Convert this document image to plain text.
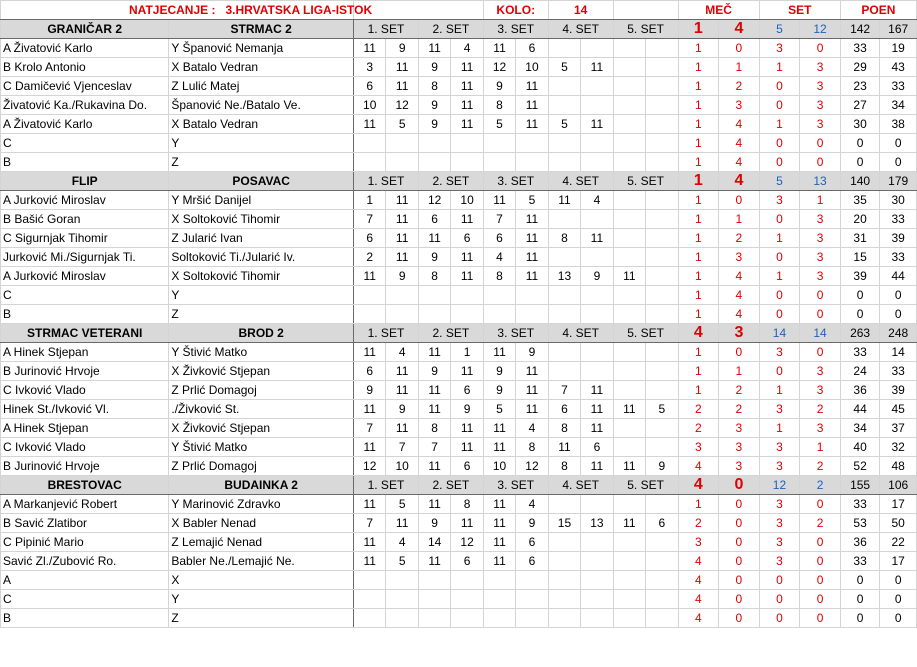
NATJECANJE : 3.HRVATSKA LIGA-ISTOK						KOLO:		14				MEČ		SET		POEN	
GRANIČAR 2	STRMAC 2	1. SET		2. SET		3. SET		4. SET		5. SET		1	4	5	12	142	167
A Živatović Karlo	Y Španović Nemanja	11	9	11	4	11	6					1	0	3	0	33	19
B Krolo Antonio	X Batalo Vedran	3	11	9	11	12	10	5	11			1	1	1	3	29	43
C Damičević Vjenceslav	Z Lulić Matej	6	11	8	11	9	11					1	2	0	3	23	33
Živatović Ka./Rukavina Do.	Španović Ne./Batalo Ve.	10	12	9	11	8	11					1	3	0	3	27	34
A Živatović Karlo	X Batalo Vedran	11	5	9	11	5	11	5	11			1	4	1	3	30	38
C	Y											1	4	0	0	0	0
B	Z											1	4	0	0	0	0
FLIP	POSAVAC	1. SET		2. SET		3. SET		4. SET		5. SET		1	4	5	13	140	179
A Jurković Miroslav	Y Mršić Danijel	1	11	12	10	11	5	11	4			1	0	3	1	35	30
B Bašić Goran	X Soltoković Tihomir	7	11	6	11	7	11					1	1	0	3	20	33
C Sigurnjak Tihomir	Z Jularić Ivan	6	11	11	6	6	11	8	11			1	2	1	3	31	39
Jurković Mi./Sigurnjak Ti.	Soltoković Ti./Jularić Iv.	2	11	9	11	4	11					1	3	0	3	15	33
A Jurković Miroslav	X Soltoković Tihomir	11	9	8	11	8	11	13	9	11		1	4	1	3	39	44
C	Y											1	4	0	0	0	0
B	Z											1	4	0	0	0	0
STRMAC VETERANI	BROD 2	1. SET		2. SET		3. SET		4. SET		5. SET		4	3	14	14	263	248
A Hinek Stjepan	Y Štivić Matko	11	4	11	1	11	9					1	0	3	0	33	14
B Jurinović Hrvoje	X Živković Stjepan	6	11	9	11	9	11					1	1	0	3	24	33
C Ivković Vlado	Z Prlić Domagoj	9	11	11	6	9	11	7	11			1	2	1	3	36	39
Hinek St./Ivković Vl.	./Živković St.	11	9	11	9	5	11	6	11	11	5	2	2	3	2	44	45
A Hinek Stjepan	X Živković Stjepan	7	11	8	11	11	4	8	11			2	3	1	3	34	37
C Ivković Vlado	Y Štivić Matko	11	7	7	11	11	8	11	6			3	3	3	1	40	32
B Jurinović Hrvoje	Z Prlić Domagoj	12	10	11	6	10	12	8	11	11	9	4	3	3	2	52	48
BRESTOVAC	BUDAINKA 2	1. SET		2. SET		3. SET		4. SET		5. SET		4	0	12	2	155	106
A Markanjević Robert	Y Marinović Zdravko	11	5	11	8	11	4					1	0	3	0	33	17
B Savić Zlatibor	X Babler Nenad	7	11	9	11	11	9	15	13	11	6	2	0	3	2	53	50
C Pipinić Mario	Z Lemajić Nenad	11	4	14	12	11	6					3	0	3	0	36	22
Savić Zl./Zubović Ro.	Babler Ne./Lemajić Ne.	11	5	11	6	11	6					4	0	3	0	33	17
A	X											4	0	0	0	0	0
C	Y											4	0	0	0	0	0
B	Z											4	0	0	0	0	0
